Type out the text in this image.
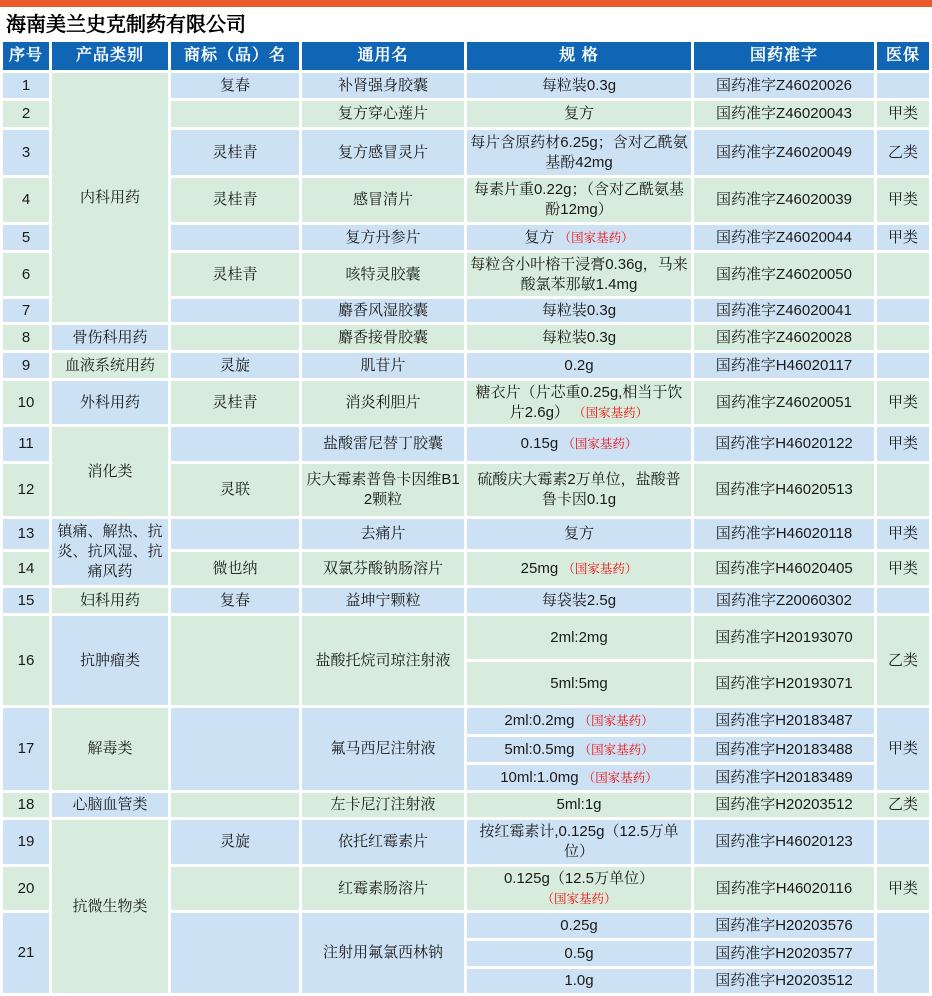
海南美兰史克制药有限公司
序号	产品类别	商标（品）名	通用名	规 格	国药准字	医保
1	内科用药	复春	补肾强身胶囊	每粒装0.3g	国药准字Z46020026	
2			复方穿心莲片	复方	国药准字Z46020043	甲类
3		灵桂青	复方感冒灵片	每片含原药材6.25g；含对乙酰氨基酚42mg	国药准字Z46020049	乙类
4		灵桂青	感冒清片	每素片重0.22g；（含对乙酰氨基酚12mg）	国药准字Z46020039	甲类
5			复方丹参片	复方 （国家基药）	国药准字Z46020044	甲类
6		灵桂青	咳特灵胶囊	每粒含小叶榕干浸膏0.36g，马来酸氯苯那敏1.4mg	国药准字Z46020050	
7			麝香风湿胶囊	每粒装0.3g	国药准字Z46020041	
8	骨伤科用药		麝香接骨胶囊	每粒装0.3g	国药准字Z46020028	
9	血液系统用药	灵旋	肌苷片	0.2g	国药准字H46020117	
10	外科用药	灵桂青	消炎利胆片	糖衣片（片芯重0.25g,相当于饮片2.6g） （国家基药）	国药准字Z46020051	甲类
11	消化类		盐酸雷尼替丁胶囊	0.15g （国家基药）	国药准字H46020122	甲类
12		灵联	庆大霉素普鲁卡因维B12颗粒	硫酸庆大霉素2万单位，盐酸普鲁卡因0.1g	国药准字H46020513	
13	镇痛、解热、抗炎、抗风湿、抗痛风药		去痛片	复方	国药准字H46020118	甲类
14		微也纳	双氯芬酸钠肠溶片	25mg （国家基药）	国药准字H46020405	甲类
15	妇科用药	复春	益坤宁颗粒	每袋装2.5g	国药准字Z20060302	
16	抗肿瘤类		盐酸托烷司琼注射液	2ml:2mg	国药准字H20193070	乙类
				5ml:5mg	国药准字H20193071	
17	解毒类		氟马西尼注射液	2ml:0.2mg （国家基药）	国药准字H20183487	甲类
				5ml:0.5mg （国家基药）	国药准字H20183488	
				10ml:1.0mg （国家基药）	国药准字H20183489	
18	心脑血管类		左卡尼汀注射液	5ml:1g	国药准字H20203512	乙类
19	抗微生物类	灵旋	依托红霉素片	按红霉素计,0.125g（12.5万单位）	国药准字H46020123	
20			红霉素肠溶片	0.125g（12.5万单位） （国家基药）	国药准字H46020116	甲类
21			注射用氟氯西林钠	0.25g	国药准字H20203576	
				0.5g	国药准字H20203577	
				1.0g	国药准字H20203512	
